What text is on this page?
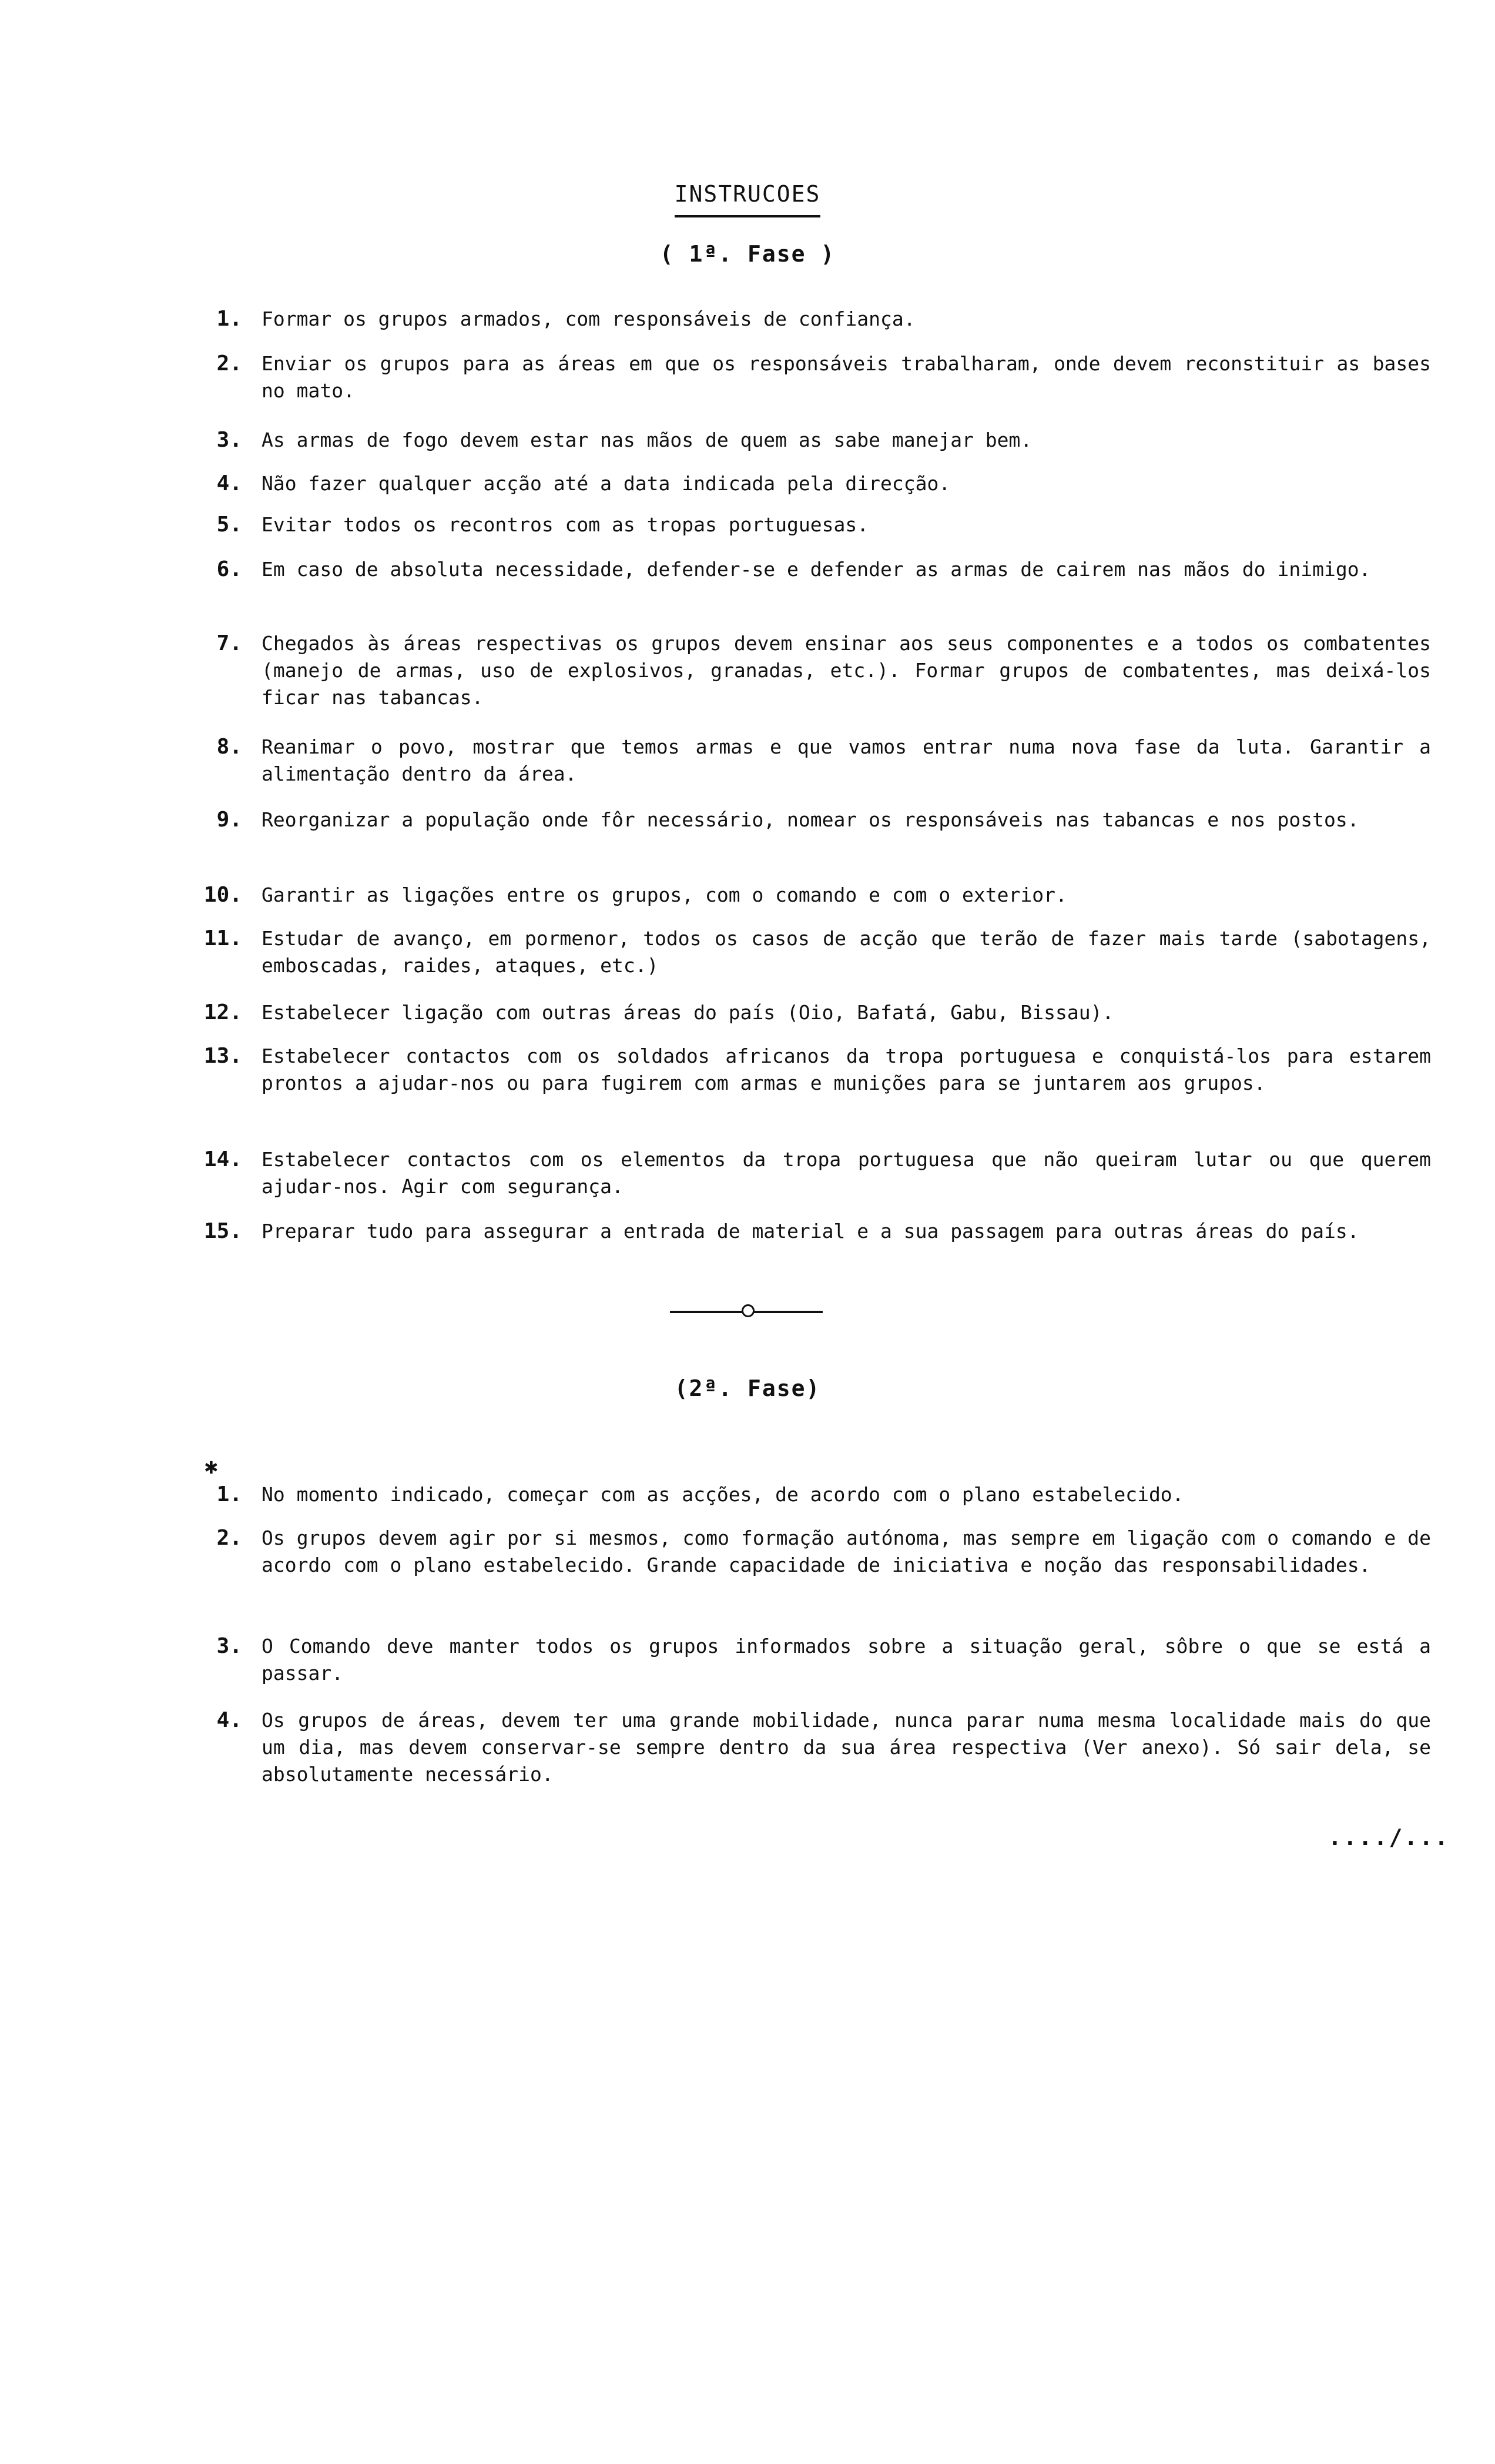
INSTRUCOES
( 1ª. Fase )
1. Formar os grupos armados, com responsáveis de confiança.
2. Enviar os grupos para as áreas em que os responsáveis trabalharam, onde devem reconstituir as bases no mato.
3. As armas de fogo devem estar nas mãos de quem as sabe manejar bem.
4. Não fazer qualquer acção até a data indicada pela direcção.
5. Evitar todos os recontros com as tropas portuguesas.
6. Em caso de absoluta necessidade, defender-se e defender as armas de cairem nas mãos do inimigo.
7. Chegados às áreas respectivas os grupos devem ensinar aos seus componentes e a todos os combatentes (manejo de armas, uso de explosivos, granadas, etc.). Formar grupos de combatentes, mas deixá-los ficar nas tabancas.
8. Reanimar o povo, mostrar que temos armas e que vamos entrar numa nova fase da luta. Garantir a alimentação dentro da área.
9. Reorganizar a população onde fôr necessário, nomear os responsáveis nas tabancas e nos postos.
10. Garantir as ligações entre os grupos, com o comando e com o exterior.
11. Estudar de avanço, em pormenor, todos os casos de acção que terão de fazer mais tarde (sabotagens, emboscadas, raides, ataques, etc.)
12. Estabelecer ligação com outras áreas do país (Oio, Bafatá, Gabu, Bissau).
13. Estabelecer contactos com os soldados africanos da tropa portuguesa e conquistá-los para estarem prontos a ajudar-nos ou para fugirem com armas e munições para se juntarem aos grupos.
14. Estabelecer contactos com os elementos da tropa portuguesa que não queiram lutar ou que querem ajudar-nos. Agir com segurança.
15. Preparar tudo para assegurar a entrada de material e a sua passagem para outras áreas do país.
(2ª. Fase)
✱
1. No momento indicado, começar com as acções, de acordo com o plano estabelecido.
2. Os grupos devem agir por si mesmos, como formação autónoma, mas sempre em ligação com o comando e de acordo com o plano estabelecido. Grande capacidade de iniciativa e noção das responsabilidades.
3. O Comando deve manter todos os grupos informados sobre a situação geral, sôbre o que se está a passar.
4. Os grupos de áreas, devem ter uma grande mobilidade, nunca parar numa mesma localidade mais do que um dia, mas devem conservar-se sempre dentro da sua área respectiva (Ver anexo). Só sair dela, se absolutamente necessário.
..../...
